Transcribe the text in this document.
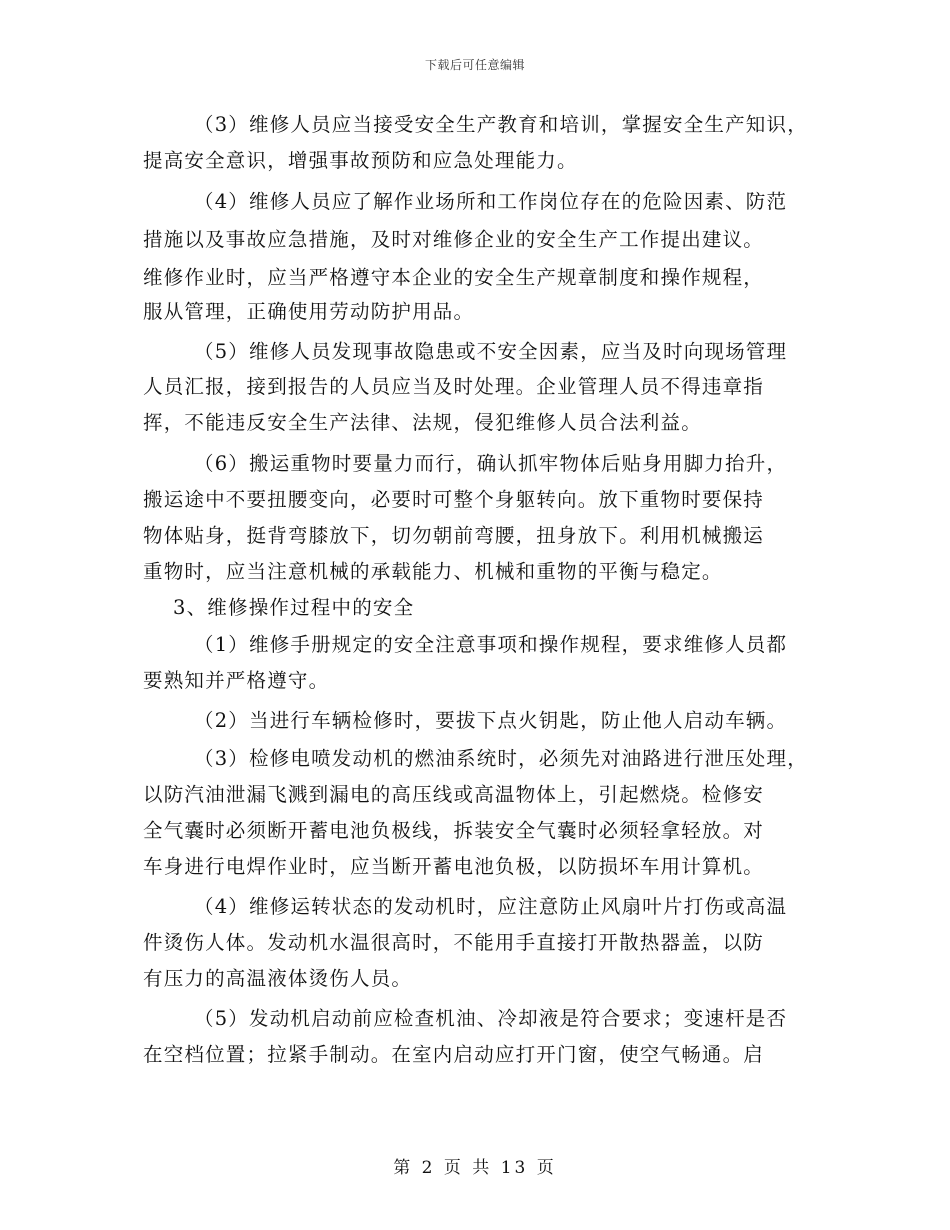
下载后可任意编辑
（3）维修人员应当接受安全生产教育和培训，掌握安全生产知识，
提高安全意识，增强事故预防和应急处理能力。
（4）维修人员应了解作业场所和工作岗位存在的危险因素、防范
措施以及事故应急措施，及时对维修企业的安全生产工作提出建议。
维修作业时，应当严格遵守本企业的安全生产规章制度和操作规程，
服从管理，正确使用劳动防护用品。
（5）维修人员发现事故隐患或不安全因素，应当及时向现场管理
人员汇报，接到报告的人员应当及时处理。企业管理人员不得违章指
挥，不能违反安全生产法律、法规，侵犯维修人员合法利益。
（6）搬运重物时要量力而行，确认抓牢物体后贴身用脚力抬升，
搬运途中不要扭腰变向，必要时可整个身躯转向。放下重物时要保持
物体贴身，挺背弯膝放下，切勿朝前弯腰，扭身放下。利用机械搬运
重物时，应当注意机械的承载能力、机械和重物的平衡与稳定。
3、维修操作过程中的安全
（1）维修手册规定的安全注意事项和操作规程，要求维修人员都
要熟知并严格遵守。
（2）当进行车辆检修时，要拔下点火钥匙，防止他人启动车辆。
（3）检修电喷发动机的燃油系统时，必须先对油路进行泄压处理，
以防汽油泄漏飞溅到漏电的高压线或高温物体上，引起燃烧。检修安
全气囊时必须断开蓄电池负极线，拆装安全气囊时必须轻拿轻放。对
车身进行电焊作业时，应当断开蓄电池负极，以防损坏车用计算机。
（4）维修运转状态的发动机时，应注意防止风扇叶片打伤或高温
件烫伤人体。发动机水温很高时，不能用手直接打开散热器盖，以防
有压力的高温液体烫伤人员。
（5）发动机启动前应检查机油、冷却液是符合要求；变速杆是否
在空档位置；拉紧手制动。在室内启动应打开门窗，使空气畅通。启
第 2 页 共 13 页
